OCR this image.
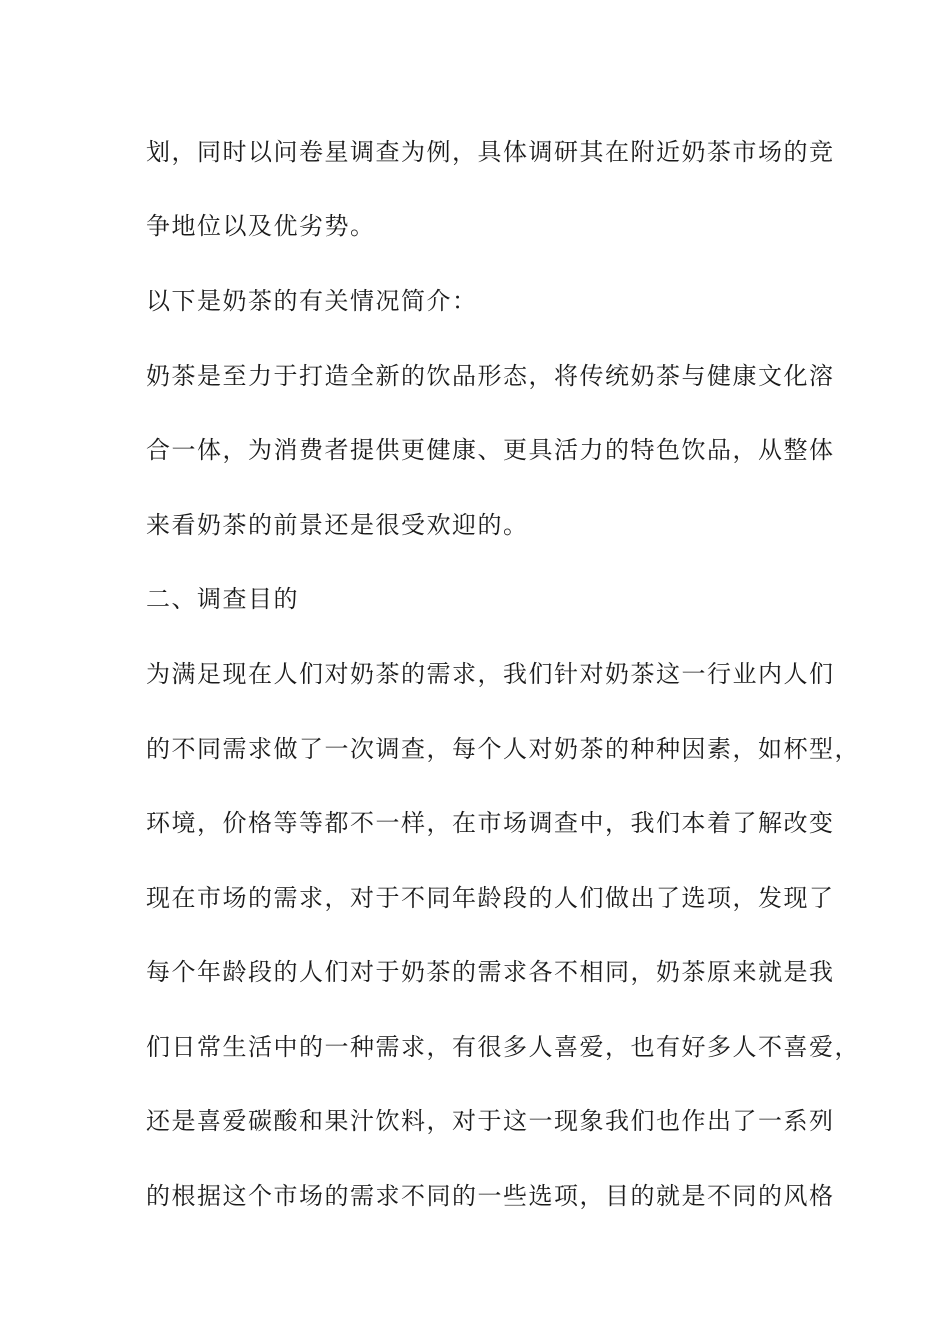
划，同时以问卷星调查为例，具体调研其在附近奶茶市场的竞
争地位以及优劣势。
以下是奶茶的有关情况简介：
奶茶是至力于打造全新的饮品形态，将传统奶茶与健康文化溶
合一体，为消费者提供更健康、更具活力的特色饮品，从整体
来看奶茶的前景还是很受欢迎的。
二、调查目的
为满足现在人们对奶茶的需求，我们针对奶茶这一行业内人们
的不同需求做了一次调查，每个人对奶茶的种种因素，如杯型，
环境，价格等等都不一样，在市场调查中，我们本着了解改变
现在市场的需求，对于不同年龄段的人们做出了选项，发现了
每个年龄段的人们对于奶茶的需求各不相同，奶茶原来就是我
们日常生活中的一种需求，有很多人喜爱，也有好多人不喜爱，
还是喜爱碳酸和果汁饮料，对于这一现象我们也作出了一系列
的根据这个市场的需求不同的一些选项，目的就是不同的风格
